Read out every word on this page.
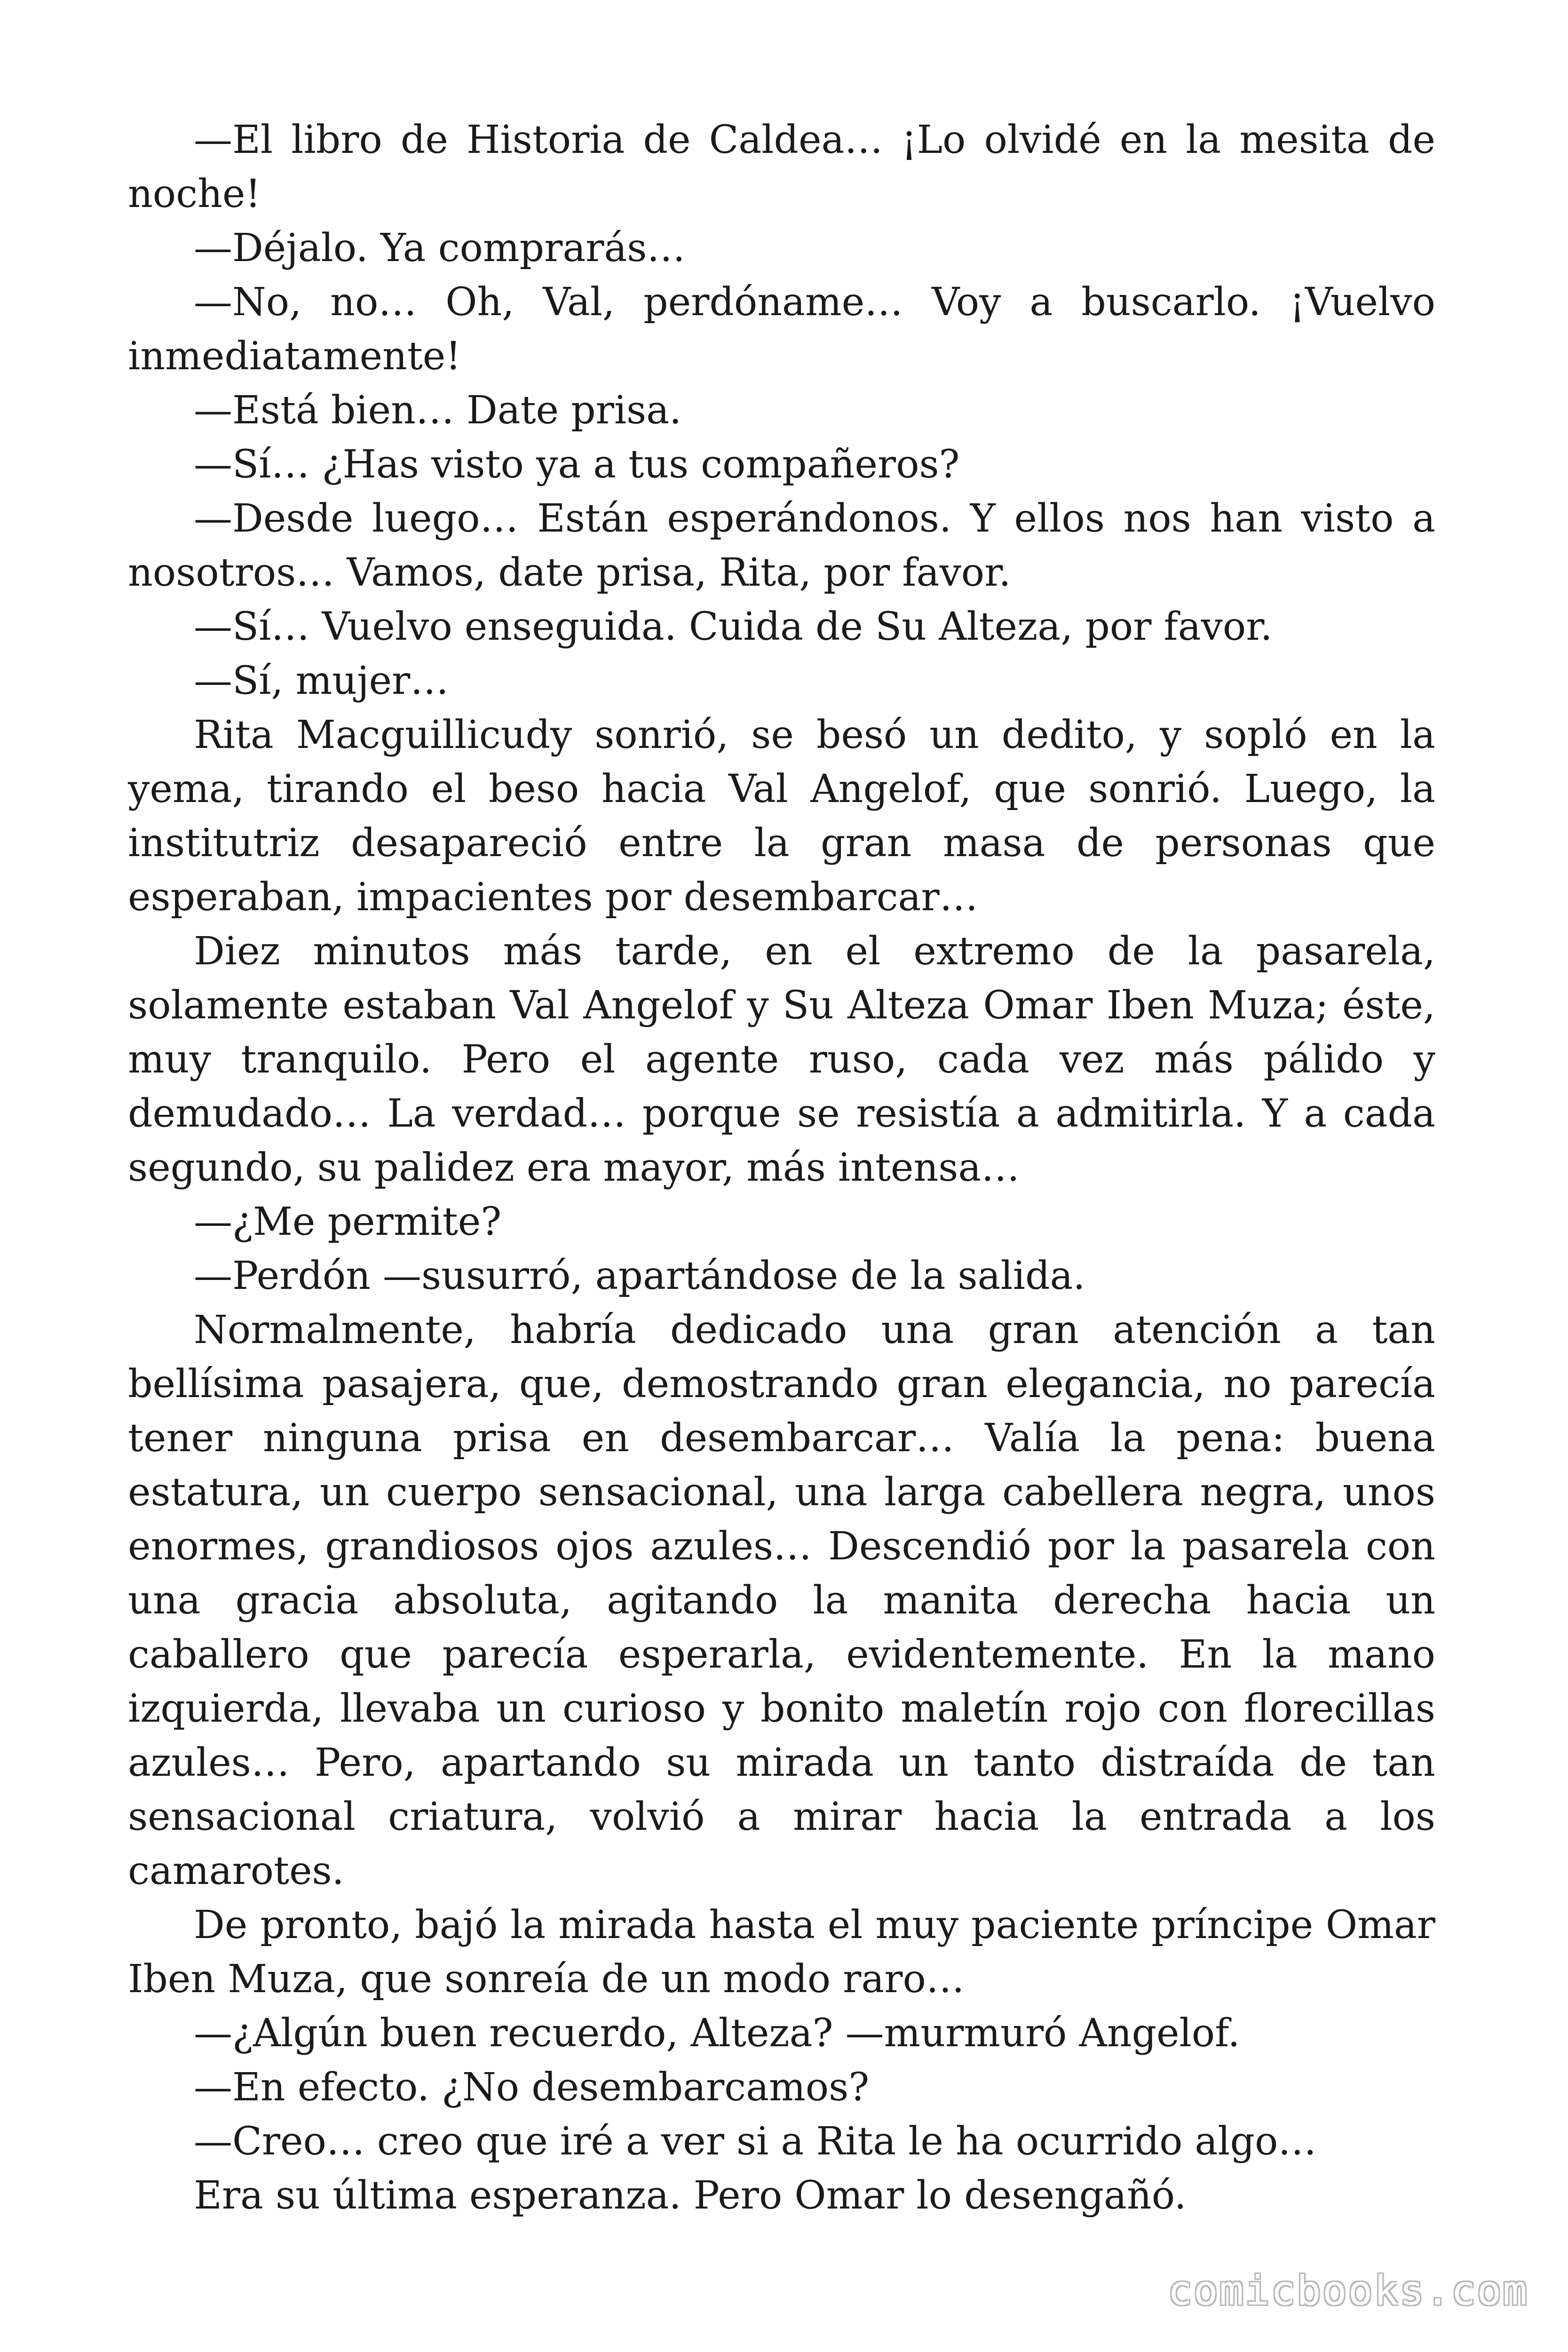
—El libro de Historia de Caldea… ¡Lo olvidé en la mesita de noche!

—Déjalo. Ya comprarás…

—No, no… Oh, Val, perdóname… Voy a buscarlo. ¡Vuelvo inmediatamente!

—Está bien… Date prisa.

—Sí… ¿Has visto ya a tus compañeros?

—Desde luego… Están esperándonos. Y ellos nos han visto a nosotros… Vamos, date prisa, Rita, por favor.

—Sí… Vuelvo enseguida. Cuida de Su Alteza, por favor.

—Sí, mujer…

Rita Macguillicudy sonrió, se besó un dedito, y sopló en la yema, tirando el beso hacia Val Angelof, que sonrió. Luego, la institutriz desapareció entre la gran masa de personas que esperaban, impacientes por desembarcar…

Diez minutos más tarde, en el extremo de la pasarela, solamente estaban Val Angelof y Su Alteza Omar Iben Muza; éste, muy tranquilo. Pero el agente ruso, cada vez más pálido y demudado… La verdad… porque se resistía a admitirla. Y a cada segundo, su palidez era mayor, más intensa…

—¿Me permite?

—Perdón —susurró, apartándose de la salida.

Normalmente, habría dedicado una gran atención a tan bellísima pasajera, que, demostrando gran elegancia, no parecía tener ninguna prisa en desembarcar… Valía la pena: buena estatura, un cuerpo sensacional, una larga cabellera negra, unos enormes, grandiosos ojos azules… Descendió por la pasarela con una gracia absoluta, agitando la manita derecha hacia un caballero que parecía esperarla, evidentemente. En la mano izquierda, llevaba un curioso y bonito maletín rojo con florecillas azules… Pero, apartando su mirada un tanto distraída de tan sensacional criatura, volvió a mirar hacia la entrada a los camarotes.

De pronto, bajó la mirada hasta el muy paciente príncipe Omar Iben Muza, que sonreía de un modo raro…

—¿Algún buen recuerdo, Alteza? —murmuró Angelof.

—En efecto. ¿No desembarcamos?

—Creo… creo que iré a ver si a Rita le ha ocurrido algo…

Era su última esperanza. Pero Omar lo desengañó.

comicbooks.com
